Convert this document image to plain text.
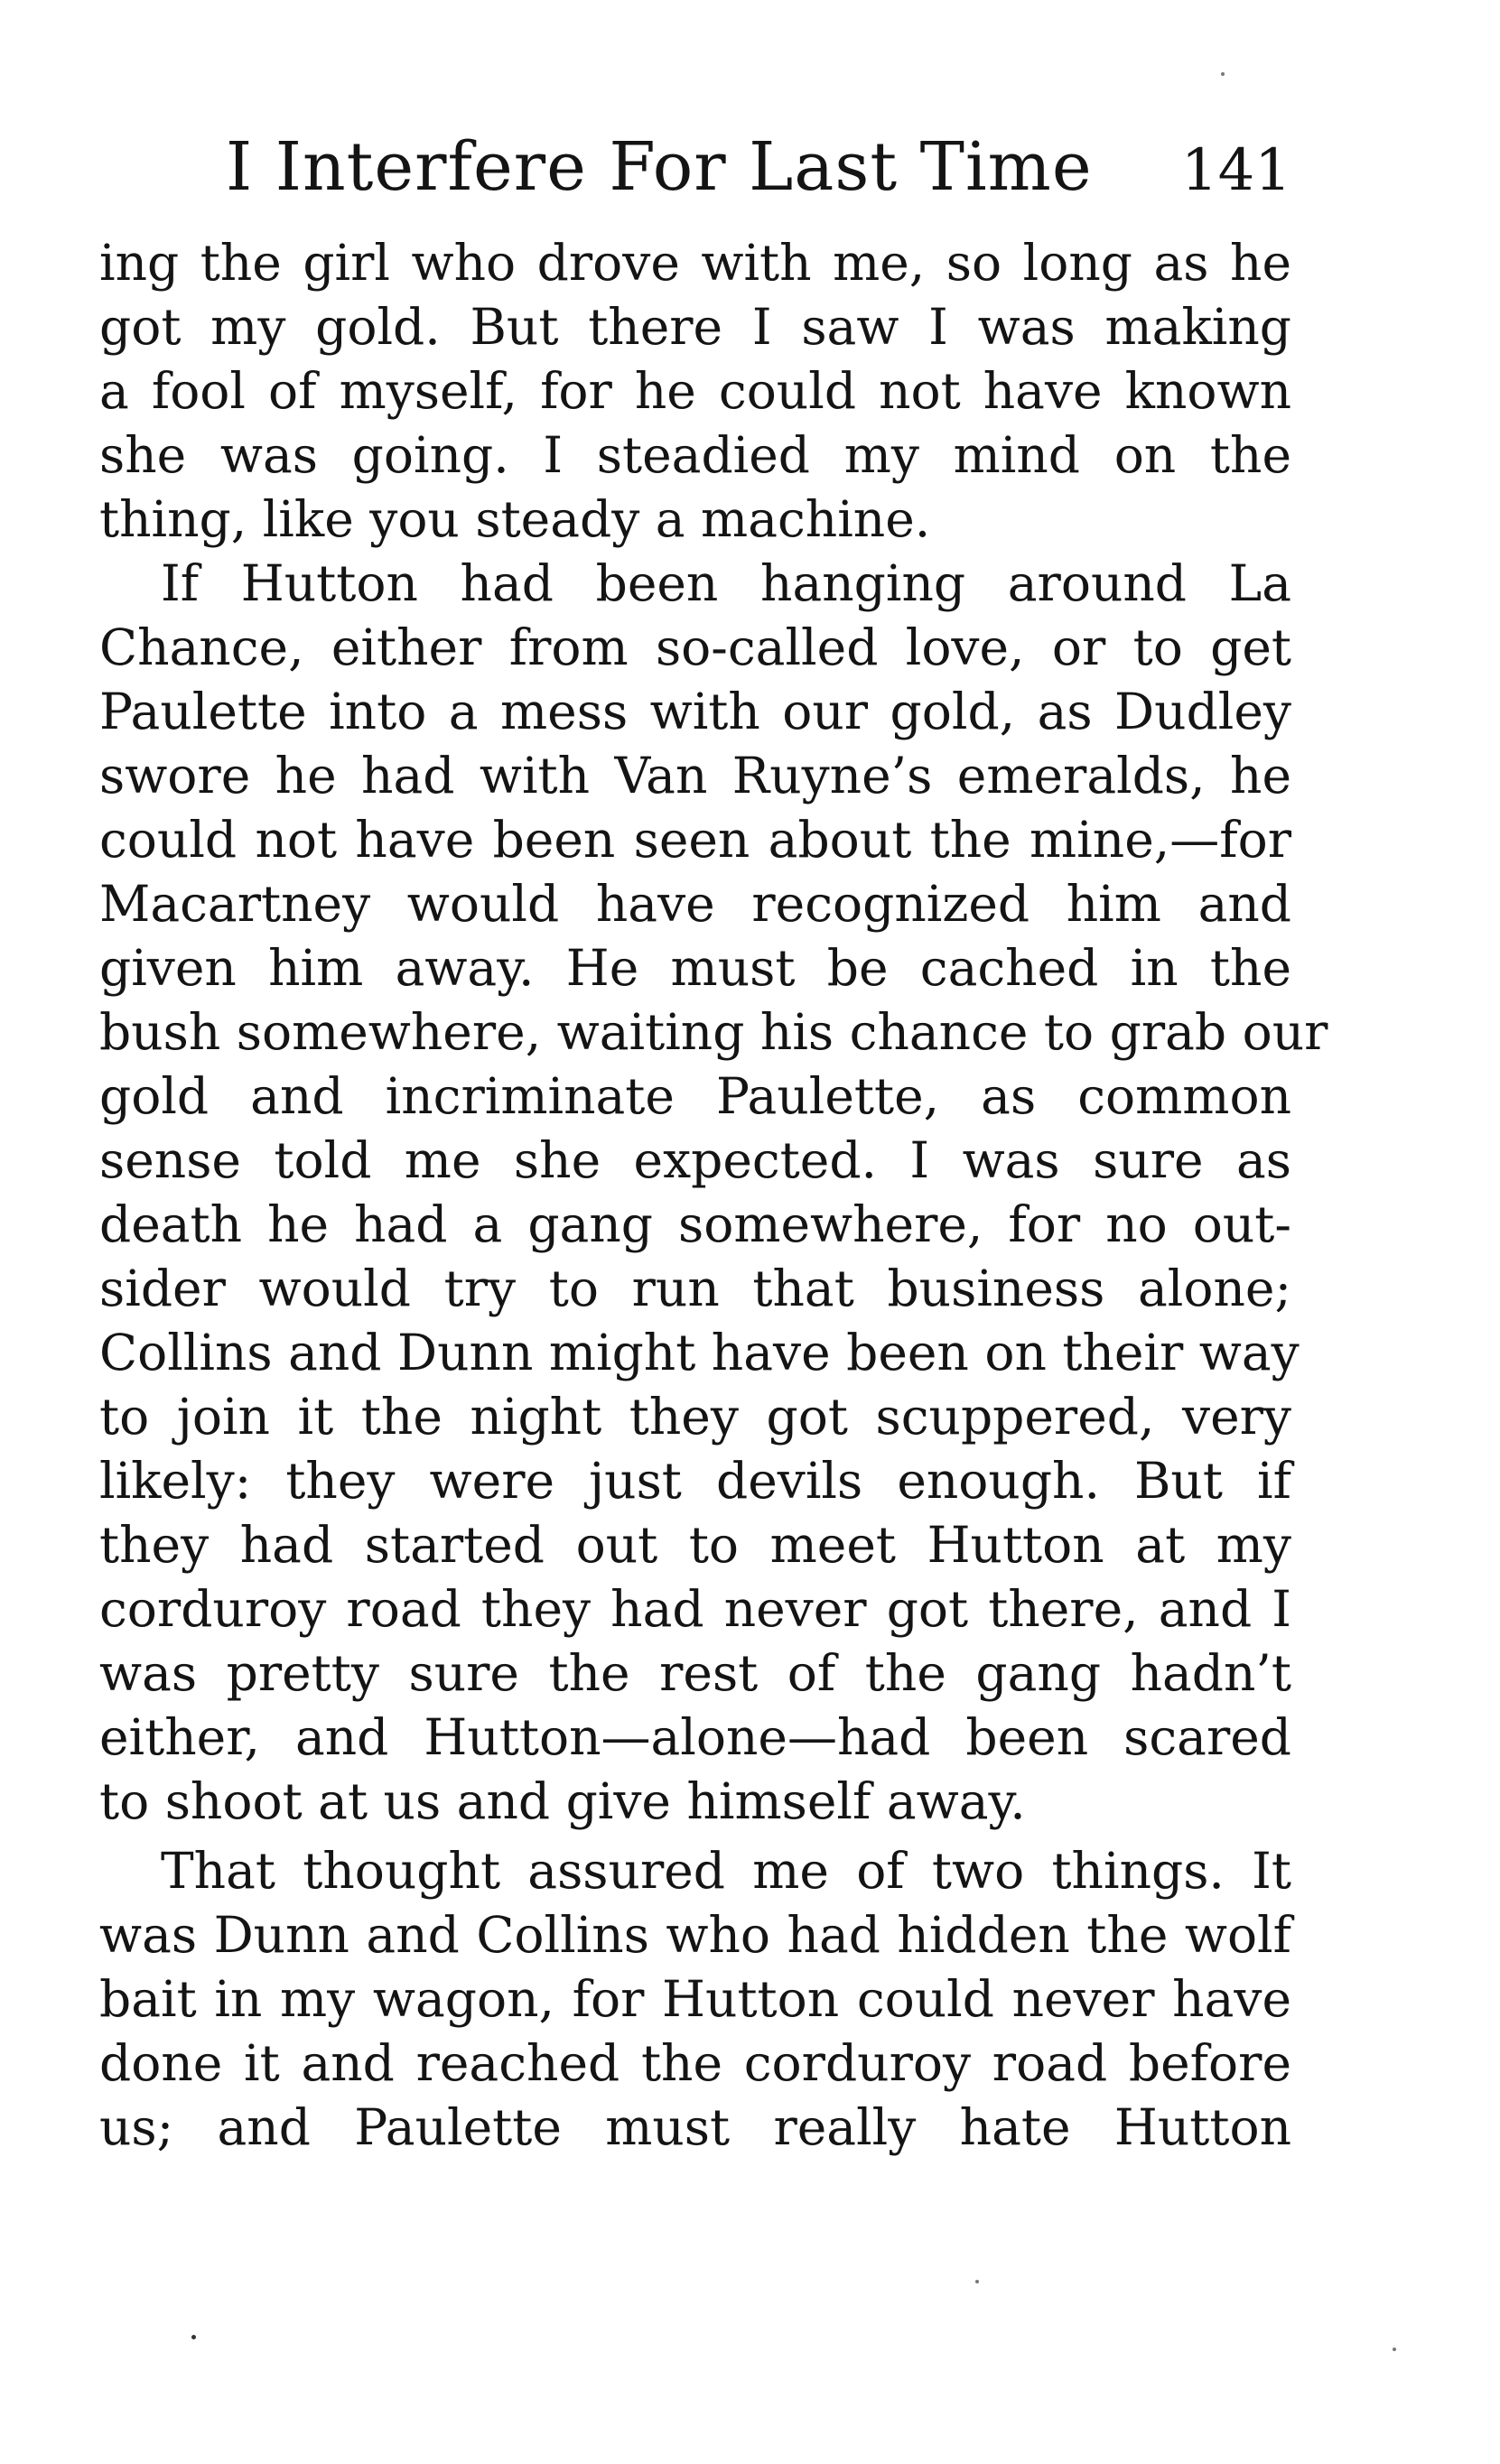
I Interfere For Last Time 141
ing the girl who drove with me, so long as he
got my gold. But there I saw I was making
a fool of myself, for he could not have known
she was going. I steadied my mind on the
thing, like you steady a machine.
If Hutton had been hanging around La
Chance, either from so-called love, or to get
Paulette into a mess with our gold, as Dudley
swore he had with Van Ruyne’s emeralds, he
could not have been seen about the mine,—for
Macartney would have recognized him and
given him away. He must be cached in the
bush somewhere, waiting his chance to grab our
gold and incriminate Paulette, as common
sense told me she expected. I was sure as
death he had a gang somewhere, for no out-
sider would try to run that business alone;
Collins and Dunn might have been on their way
to join it the night they got scuppered, very
likely: they were just devils enough. But if
they had started out to meet Hutton at my
corduroy road they had never got there, and I
was pretty sure the rest of the gang hadn’t
either, and Hutton—alone—had been scared
to shoot at us and give himself away.
That thought assured me of two things. It
was Dunn and Collins who had hidden the wolf
bait in my wagon, for Hutton could never have
done it and reached the corduroy road before
us; and Paulette must really hate Hutton
